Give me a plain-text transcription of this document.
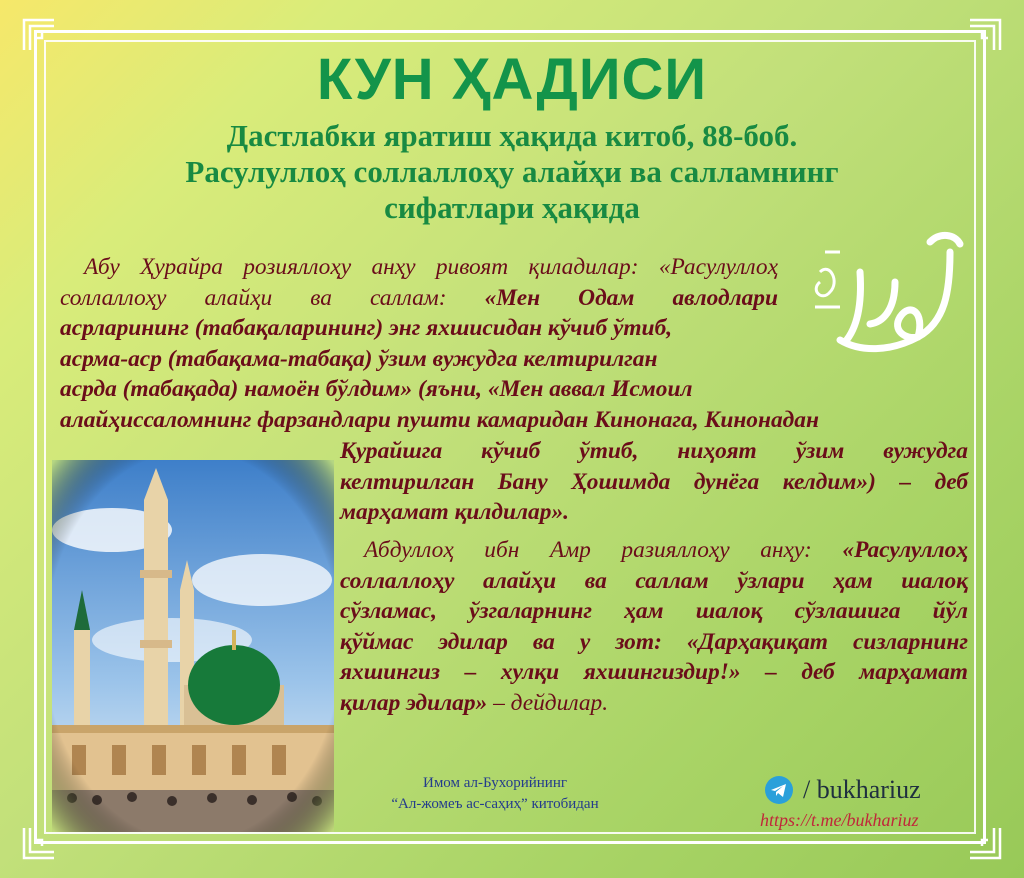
КУН ҲАДИСИ
Дастлабки яратиш ҳақида китоб, 88-боб.
Расулуллоҳ соллаллоҳу алайҳи ва салламнинг
сифатлари ҳақида
Абу Ҳурайра розияллоҳу анҳу ривоят қиладилар: «Расулуллоҳ
соллаллоҳу алайҳи ва саллам: «Мен Одам авлодлари
асрларининг (табақаларининг) энг яхшисидан кўчиб ўтиб,
асрма-аср (табақама-табақа) ўзим вужудга келтирилган
асрда (табақада) намоён бўлдим» (яъни, «Мен аввал Исмоил
алайҳиссаломнинг фарзандлари пушти камаридан Кинонага, Кинонадан
Қурайшга кўчиб ўтиб, ниҳоят ўзим вужудга
келтирилган Бану Ҳошимда дунёга келдим») – деб
марҳамат қилдилар».
Абдуллоҳ ибн Амр разияллоҳу анҳу: «Расулуллоҳ
соллаллоҳу алайҳи ва саллам ўзлари ҳам шалоқ
сўзламас, ўзгаларнинг ҳам шалоқ сўзлашига йўл
қўймас эдилар ва у зот: «Дарҳақиқат сизларнинг
яхшингиз – хулқи яхшингиздир!» – деб марҳамат
қилар эдилар» – дейдилар.
Имом ал-Бухорийнинг
“Ал-жомеъ ас-саҳиҳ” китобидан	/ bukhariuz
https://t.me/bukhariuz
